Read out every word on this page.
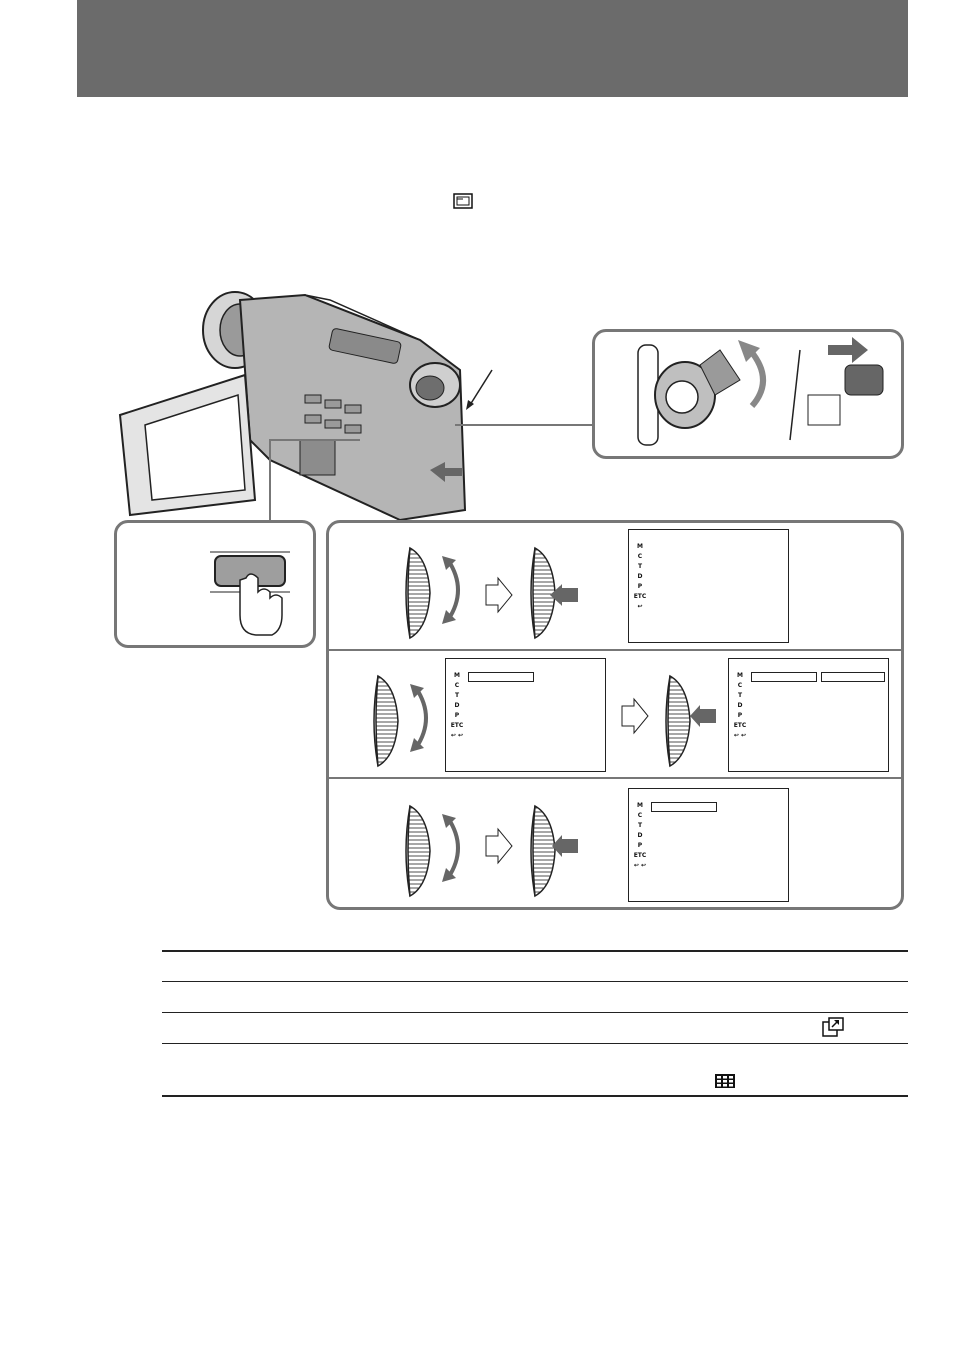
M
C
T
D
P
ETC
↩
M
C
T
D
P
ETC
↩ ↩
M
C
T
D
P
ETC
↩ ↩
M
C
T
D
P
ETC
↩ ↩
